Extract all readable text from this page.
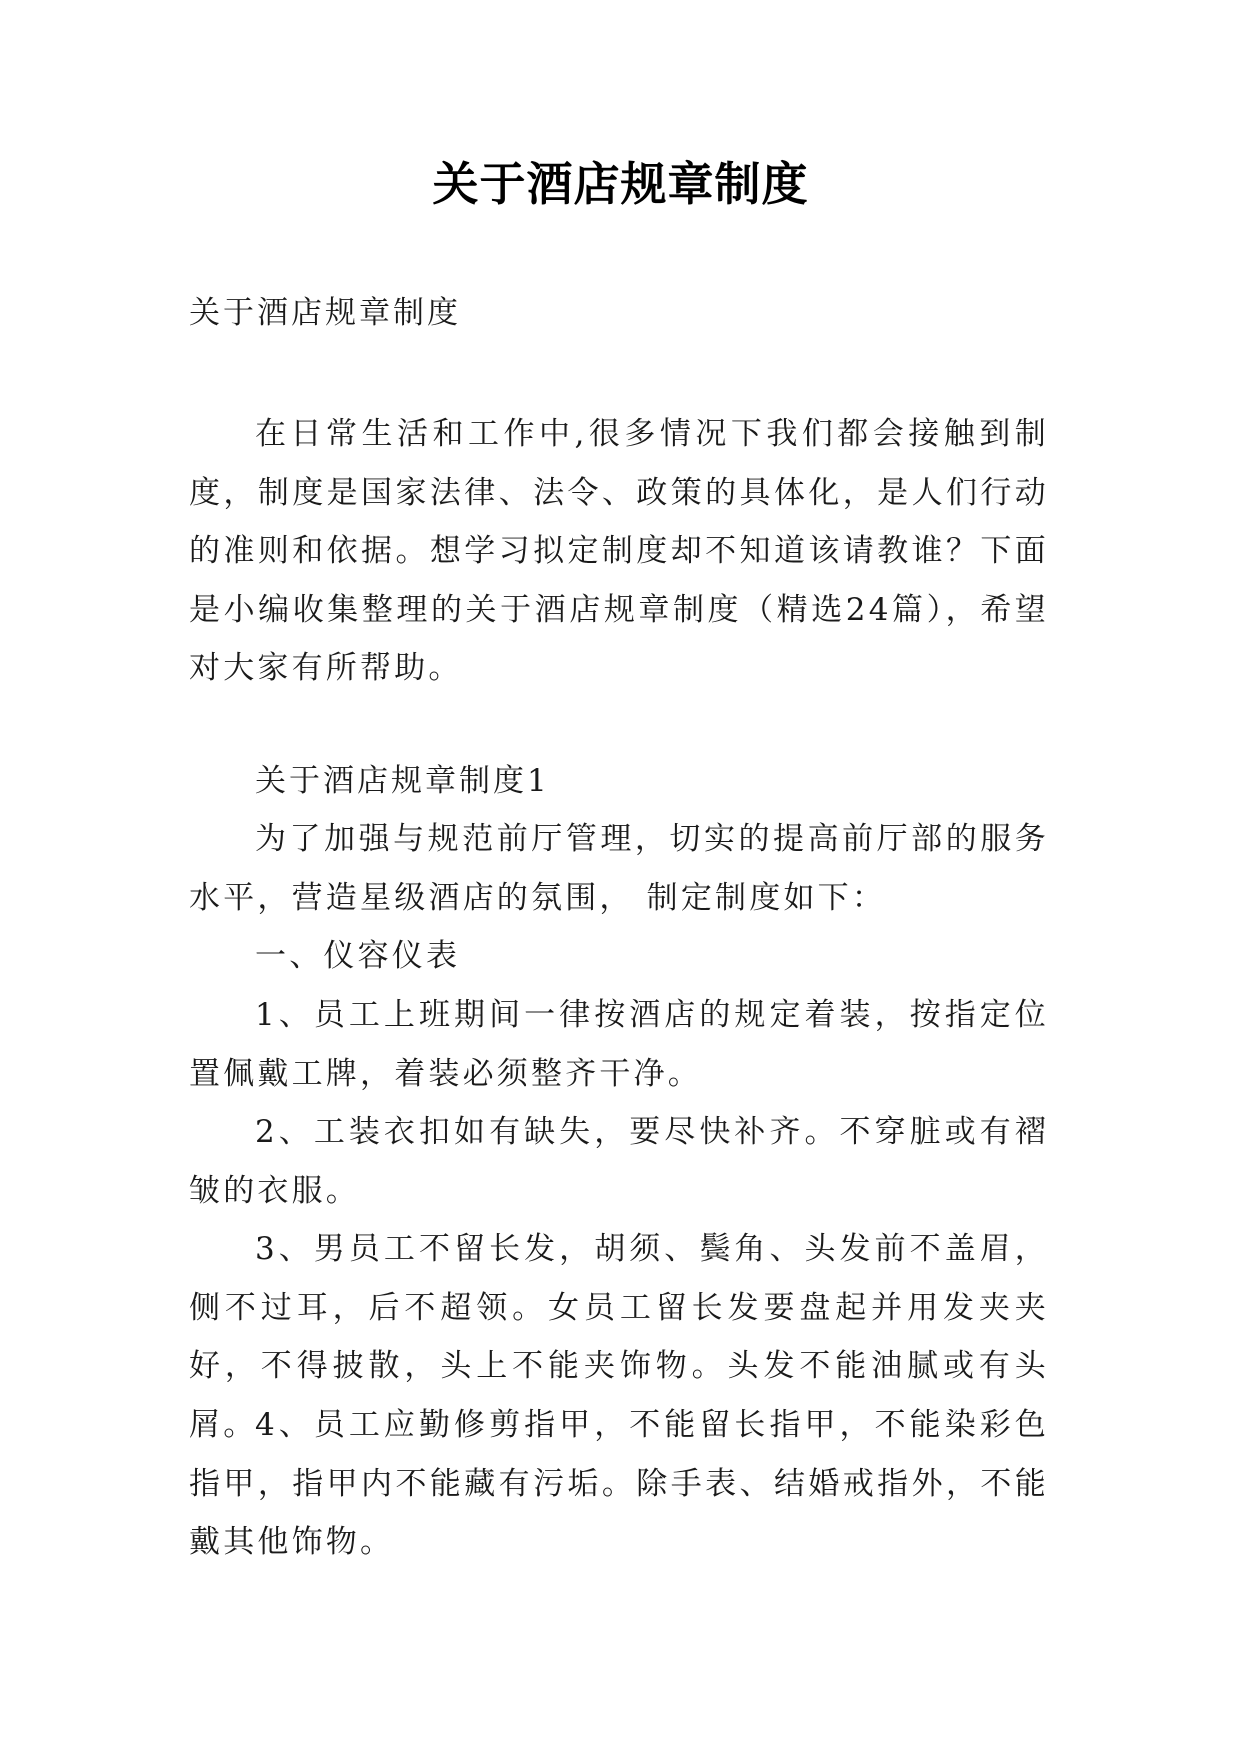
关于酒店规章制度
关于酒店规章制度

在日常生活和工作中,很多情况下我们都会接触到制度，制度是国家法律、法令、政策的具体化，是人们行动的准则和依据。想学习拟定制度却不知道该请教谁？下面是小编收集整理的关于酒店规章制度（精选24篇），希望对大家有所帮助。

关于酒店规章制度1

为了加强与规范前厅管理，切实的提高前厅部的服务水平，营造星级酒店的氛围， 制定制度如下：

一、仪容仪表

1、员工上班期间一律按酒店的规定着装，按指定位置佩戴工牌，着装必须整齐干净。

2、工装衣扣如有缺失，要尽快补齐。不穿脏或有褶皱的衣服。

3、男员工不留长发，胡须、鬓角、头发前不盖眉，侧不过耳，后不超领。女员工留长发要盘起并用发夹夹好，不得披散，头上不能夹饰物。头发不能油腻或有头屑。

4、员工应勤修剪指甲，不能留长指甲，不能染彩色指甲，指甲内不能藏有污垢。除手表、结婚戒指外，不能戴其他饰物。
